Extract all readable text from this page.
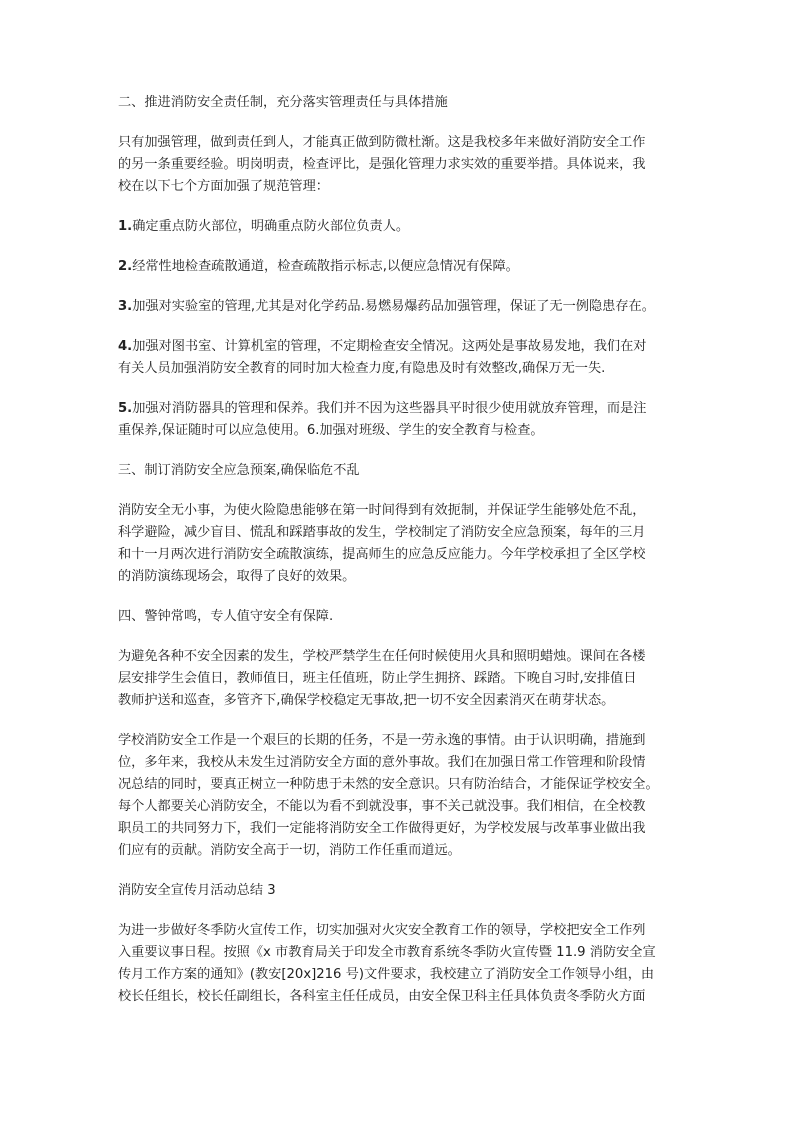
二、推进消防安全责任制，充分落实管理责任与具体措施

只有加强管理，做到责任到人，才能真正做到防微杜渐。这是我校多年来做好消防安全工作

的另一条重要经验。明岗明责，检查评比，是强化管理力求实效的重要举措。具体说来，我

校在以下七个方面加强了规范管理：

1.确定重点防火部位，明确重点防火部位负责人。

2.经常性地检查疏散通道，检查疏散指示标志,以便应急情况有保障。

3.加强对实验室的管理,尤其是对化学药品.易燃易爆药品加强管理，保证了无一例隐患存在。

4.加强对图书室、计算机室的管理，不定期检查安全情况。这两处是事故易发地，我们在对

有关人员加强消防安全教育的同时加大检查力度,有隐患及时有效整改,确保万无一失.

5.加强对消防器具的管理和保养。我们并不因为这些器具平时很少使用就放弃管理，而是注

重保养,保证随时可以应急使用。6.加强对班级、学生的安全教育与检查。

三、制订消防安全应急预案,确保临危不乱

消防安全无小事，为使火险隐患能够在第一时间得到有效扼制，并保证学生能够处危不乱，

科学避险，减少盲目、慌乱和踩踏事故的发生，学校制定了消防安全应急预案，每年的三月

和十一月两次进行消防安全疏散演练，提高师生的应急反应能力。今年学校承担了全区学校

的消防演练现场会，取得了良好的效果。

四、警钟常鸣，专人值守安全有保障.

为避免各种不安全因素的发生，学校严禁学生在任何时候使用火具和照明蜡烛。课间在各楼

层安排学生会值日，教师值日，班主任值班，防止学生拥挤、踩踏。下晚自习时,安排值日

教师护送和巡查，多管齐下,确保学校稳定无事故,把一切不安全因素消灭在萌芽状态。

学校消防安全工作是一个艰巨的长期的任务，不是一劳永逸的事情。由于认识明确，措施到

位，多年来，我校从未发生过消防安全方面的意外事故。我们在加强日常工作管理和阶段情

况总结的同时，要真正树立一种防患于未然的安全意识。只有防治结合，才能保证学校安全。

每个人都要关心消防安全，不能以为看不到就没事，事不关己就没事。我们相信，在全校教

职员工的共同努力下，我们一定能将消防安全工作做得更好，为学校发展与改革事业做出我

们应有的贡献。消防安全高于一切，消防工作任重而道远。

消防安全宣传月活动总结 3

为进一步做好冬季防火宣传工作，切实加强对火灾安全教育工作的领导，学校把安全工作列

入重要议事日程。按照《x 市教育局关于印发全市教育系统冬季防火宣传暨 11.9 消防安全宣

传月工作方案的通知》(教安[20x]216 号)文件要求，我校建立了消防安全工作领导小组，由

校长任组长，校长任副组长，各科室主任任成员，由安全保卫科主任具体负责冬季防火方面
